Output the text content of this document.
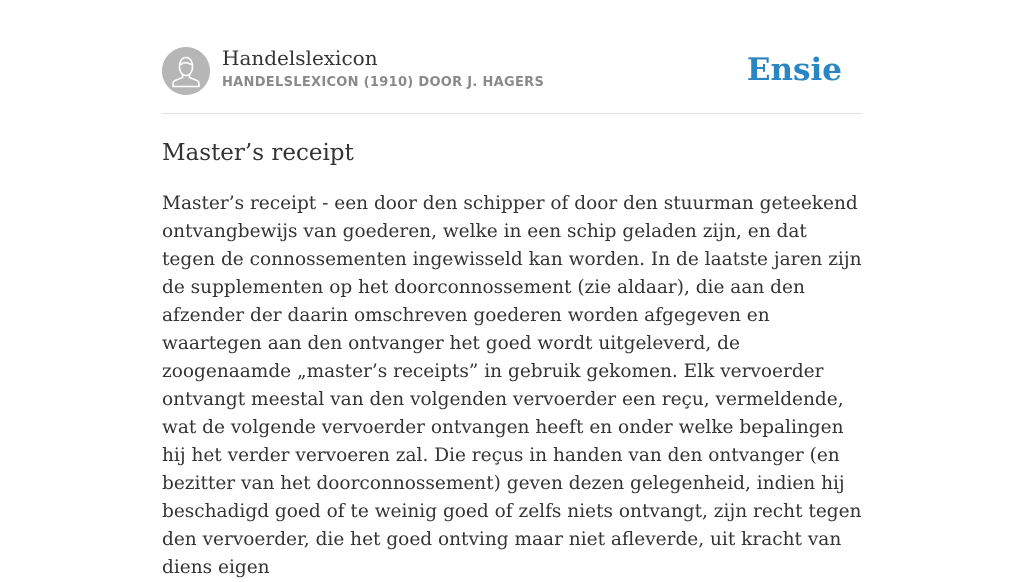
Handelslexicon
HANDELSLEXICON (1910) DOOR J. HAGERS	Ensie
Master’s receipt

Master’s receipt - een door den schipper of door den stuurman geteekend ontvangbewijs van goederen, welke in een schip geladen zijn, en dat tegen de connossementen ingewisseld kan worden. In de laatste jaren zijn de supplementen op het doorconnossement (zie aldaar), die aan den afzender der daarin omschreven goederen worden afgegeven en waartegen aan den ontvanger het goed wordt uitgeleverd, de zoogenaamde „master’s receipts” in gebruik gekomen. Elk vervoerder ontvangt meestal van den volgenden vervoerder een reçu, vermeldende, wat de volgende vervoerder ontvangen heeft en onder welke bepalingen hij het verder vervoeren zal. Die reçus in handen van den ontvanger (en bezitter van het doorconnossement) geven dezen gelegenheid, indien hij beschadigd goed of te weinig goed of zelfs niets ontvangt, zijn recht tegen den vervoerder, die het goed ontving maar niet afleverde, uit kracht van diens eigen
